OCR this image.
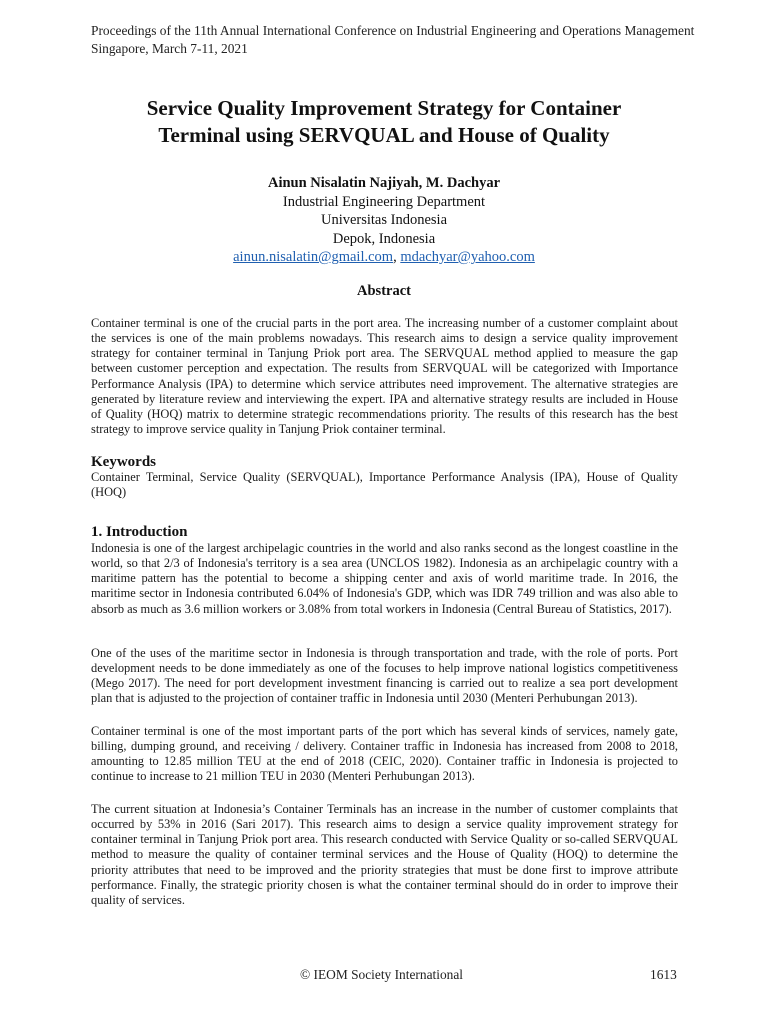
Proceedings of the 11th Annual International Conference on Industrial Engineering and Operations Management
Singapore, March 7-11, 2021
Service Quality Improvement Strategy for Container
Terminal using SERVQUAL and House of Quality
Ainun Nisalatin Najiyah, M. Dachyar
Industrial Engineering Department
Universitas Indonesia
Depok, Indonesia
ainun.nisalatin@gmail.com, mdachyar@yahoo.com
Abstract
Container terminal is one of the crucial parts in the port area. The increasing number of a customer complaint about the services is one of the main problems nowadays. This research aims to design a service quality improvement strategy for container terminal in Tanjung Priok port area. The SERVQUAL method applied to measure the gap between customer perception and expectation. The results from SERVQUAL will be categorized with Importance Performance Analysis (IPA) to determine which service attributes need improvement. The alternative strategies are generated by literature review and interviewing the expert. IPA and alternative strategy results are included in House of Quality (HOQ) matrix to determine strategic recommendations priority. The results of this research has the best strategy to improve service quality in Tanjung Priok container terminal.
Keywords
Container Terminal, Service Quality (SERVQUAL), Importance Performance Analysis (IPA), House of Quality (HOQ)
1. Introduction
Indonesia is one of the largest archipelagic countries in the world and also ranks second as the longest coastline in the world, so that 2/3 of Indonesia's territory is a sea area (UNCLOS 1982). Indonesia as an archipelagic country with a maritime pattern has the potential to become a shipping center and axis of world maritime trade. In 2016, the maritime sector in Indonesia contributed 6.04% of Indonesia's GDP, which was IDR 749 trillion and was also able to absorb as much as 3.6 million workers or 3.08% from total workers in Indonesia (Central Bureau of Statistics, 2017).
One of the uses of the maritime sector in Indonesia is through transportation and trade, with the role of ports. Port development needs to be done immediately as one of the focuses to help improve national logistics competitiveness (Mego 2017). The need for port development investment financing is carried out to realize a sea port development plan that is adjusted to the projection of container traffic in Indonesia until 2030 (Menteri Perhubungan 2013).
Container terminal is one of the most important parts of the port which has several kinds of services, namely gate, billing, dumping ground, and receiving / delivery. Container traffic in Indonesia has increased from 2008 to 2018, amounting to 12.85 million TEU at the end of 2018 (CEIC, 2020). Container traffic in Indonesia is projected to continue to increase to 21 million TEU in 2030 (Menteri Perhubungan 2013).
The current situation at Indonesia’s Container Terminals has an increase in the number of customer complaints that occurred by 53% in 2016 (Sari 2017). This research aims to design a service quality improvement strategy for container terminal in Tanjung Priok port area. This research conducted with Service Quality or so-called SERVQUAL method to measure the quality of container terminal services and the House of Quality (HOQ) to determine the priority attributes that need to be improved and the priority strategies that must be done first to improve attribute performance. Finally, the strategic priority chosen is what the container terminal should do in order to improve their quality of services.
© IEOM Society International	1613
